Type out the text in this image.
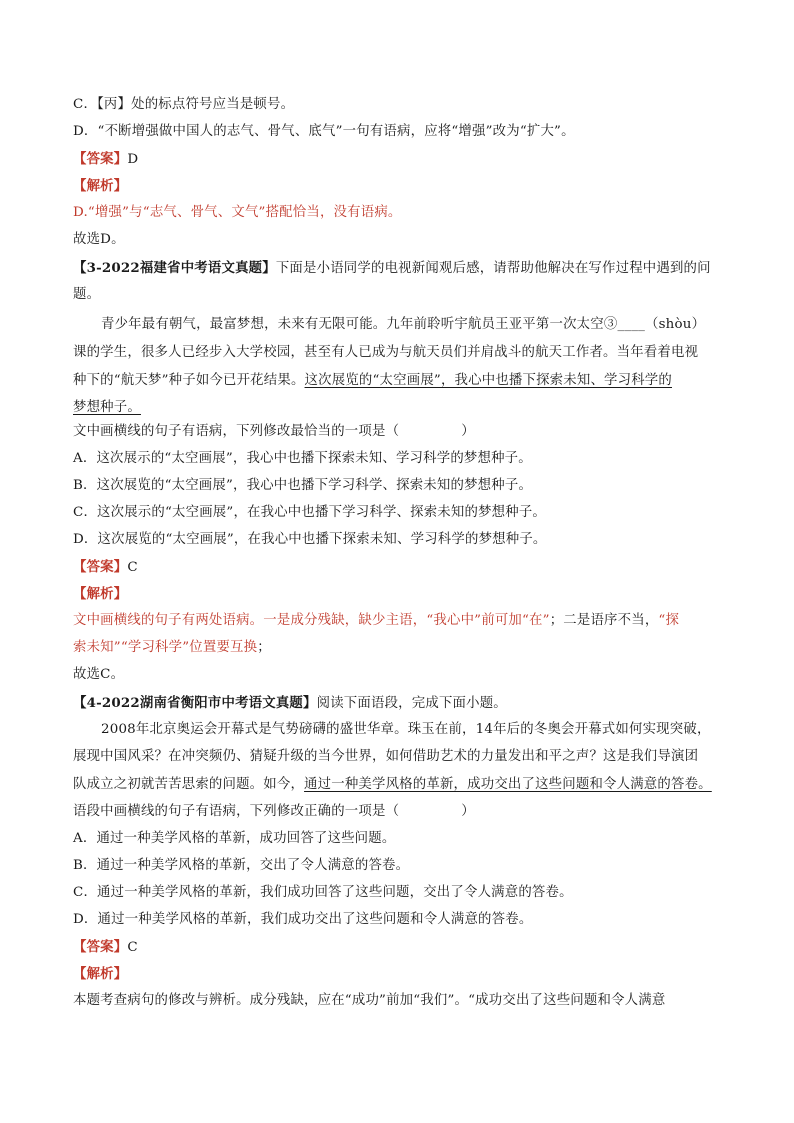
C．【丙】处的标点符号应当是顿号。
D．“不断增强做中国人的志气、骨气、底气”一句有语病，应将“增强”改为“扩大”。
【答案】D
【解析】
D.“增强”与“志气、骨气、文气”搭配恰当，没有语病。
故选D。
【3-2022福建省中考语文真题】下面是小语同学的电视新闻观后感，请帮助他解决在写作过程中遇到的问
题。
青少年最有朝气，最富梦想，未来有无限可能。九年前聆听宇航员王亚平第一次太空③____（shòu）
课的学生，很多人已经步入大学校园，甚至有人已成为与航天员们并肩战斗的航天工作者。当年看着电视
种下的“航天梦”种子如今已开花结果。这次展览的“太空画展”，我心中也播下探索未知、学习科学的
梦想种子。
文中画横线的句子有语病，下列修改最恰当的一项是（	）
A．这次展示的“太空画展”，我心中也播下探索未知、学习科学的梦想种子。
B．这次展览的“太空画展”，我心中也播下学习科学、探索未知的梦想种子。
C．这次展示的“太空画展”，在我心中也播下学习科学、探索未知的梦想种子。
D．这次展览的“太空画展”，在我心中也播下探索未知、学习科学的梦想种子。
【答案】C
【解析】
文中画横线的句子有两处语病。一是成分残缺，缺少主语，“我心中”前可加“在”；二是语序不当，“探
索未知”“学习科学”位置要互换；
故选C。
【4-2022湖南省衡阳市中考语文真题】阅读下面语段，完成下面小题。
2008年北京奥运会开幕式是气势磅礴的盛世华章。珠玉在前，14年后的冬奥会开幕式如何实现突破，
展现中国风采？在冲突频仍、猜疑升级的当今世界，如何借助艺术的力量发出和平之声？这是我们导演团
队成立之初就苦苦思索的问题。如今，通过一种美学风格的革新，成功交出了这些问题和令人满意的答卷。
语段中画横线的句子有语病，下列修改正确的一项是（	）
A．通过一种美学风格的革新，成功回答了这些问题。
B．通过一种美学风格的革新，交出了令人满意的答卷。
C．通过一种美学风格的革新，我们成功回答了这些问题，交出了令人满意的答卷。
D．通过一种美学风格的革新，我们成功交出了这些问题和令人满意的答卷。
【答案】C
【解析】
本题考查病句的修改与辨析。成分残缺，应在“成功”前加“我们”。“成功交出了这些问题和令人满意
